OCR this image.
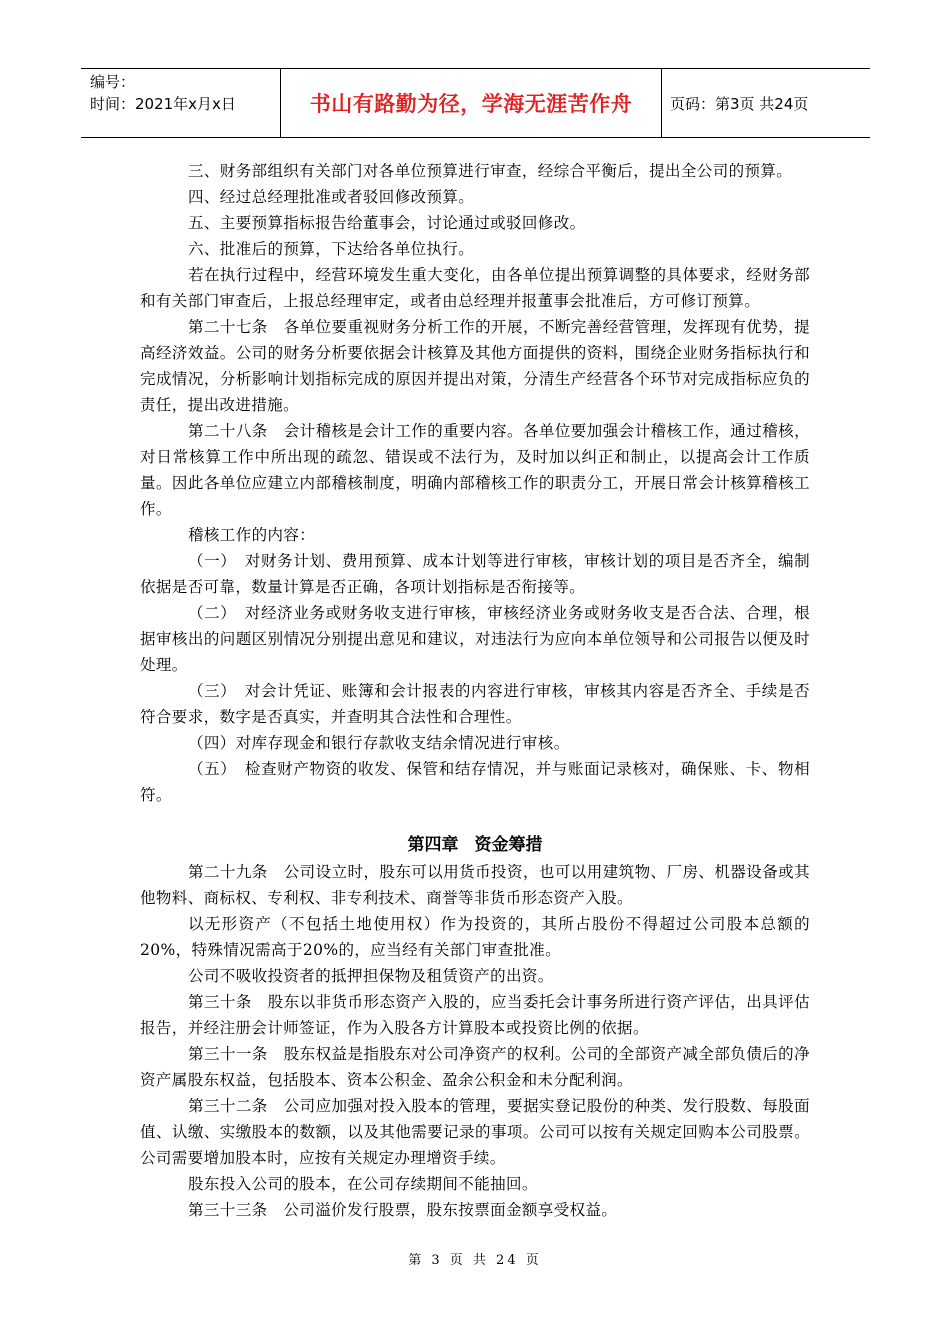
编号：
时间：2021年x月x日	书山有路勤为径，学海无涯苦作舟	页码：第3页 共24页

三、财务部组织有关部门对各单位预算进行审查，经综合平衡后，提出全公司的预算。

四、经过总经理批准或者驳回修改预算。

五、主要预算指标报告给董事会，讨论通过或驳回修改。

六、批准后的预算，下达给各单位执行。

若在执行过程中，经营环境发生重大变化，由各单位提出预算调整的具体要求，经财务部和有关部门审查后，上报总经理审定，或者由总经理并报董事会批准后，方可修订预算。

第二十七条　各单位要重视财务分析工作的开展，不断完善经营管理，发挥现有优势，提高经济效益。公司的财务分析要依据会计核算及其他方面提供的资料，围绕企业财务指标执行和完成情况，分析影响计划指标完成的原因并提出对策，分清生产经营各个环节对完成指标应负的责任，提出改进措施。

第二十八条　会计稽核是会计工作的重要内容。各单位要加强会计稽核工作，通过稽核，对日常核算工作中所出现的疏忽、错误或不法行为，及时加以纠正和制止，以提高会计工作质量。因此各单位应建立内部稽核制度，明确内部稽核工作的职责分工，开展日常会计核算稽核工作。

稽核工作的内容：

（一）　对财务计划、费用预算、成本计划等进行审核，审核计划的项目是否齐全，编制依据是否可靠，数量计算是否正确，各项计划指标是否衔接等。

（二）　对经济业务或财务收支进行审核，审核经济业务或财务收支是否合法、合理，根据审核出的问题区别情况分别提出意见和建议，对违法行为应向本单位领导和公司报告以便及时处理。

（三）　对会计凭证、账簿和会计报表的内容进行审核，审核其内容是否齐全、手续是否符合要求，数字是否真实，并查明其合法性和合理性。

（四）对库存现金和银行存款收支结余情况进行审核。

（五）　检查财产物资的收发、保管和结存情况，并与账面记录核对，确保账、卡、物相符。

第四章 资金筹措

第二十九条　公司设立时，股东可以用货币投资，也可以用建筑物、厂房、机器设备或其他物料、商标权、专利权、非专利技术、商誉等非货币形态资产入股。

以无形资产（不包括土地使用权）作为投资的，其所占股份不得超过公司股本总额的20%，特殊情况需高于20%的，应当经有关部门审查批准。

公司不吸收投资者的抵押担保物及租赁资产的出资。

第三十条　股东以非货币形态资产入股的，应当委托会计事务所进行资产评估，出具评估报告，并经注册会计师签证，作为入股各方计算股本或投资比例的依据。

第三十一条　股东权益是指股东对公司净资产的权利。公司的全部资产减全部负债后的净资产属股东权益，包括股本、资本公积金、盈余公积金和未分配利润。

第三十二条　公司应加强对投入股本的管理，要据实登记股份的种类、发行股数、每股面值、认缴、实缴股本的数额，以及其他需要记录的事项。公司可以按有关规定回购本公司股票。公司需要增加股本时，应按有关规定办理增资手续。

股东投入公司的股本，在公司存续期间不能抽回。

第三十三条　公司溢价发行股票，股东按票面金额享受权益。

第 3 页 共 24 页
